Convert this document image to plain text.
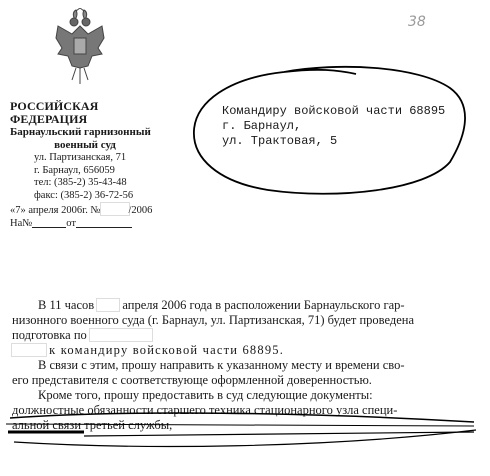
38
РОССИЙСКАЯ ФЕДЕРАЦИЯ
Барнаульский гарнизонный
военный суд
ул. Партизанская, 71
г. Барнаул, 656059
тел: (385-2) 35-43-48
факс: (385-2) 36-72-56
«7» апреля 2006г. №	/2006
На№	от
Командиру войсковой части 68895
г. Барнаул,
ул. Трактовая, 5

В 11 часов апреля 2006 года в расположении Барнаульского гар-

низонного военного суда (г. Барнаул, ул. Партизанская, 71) будет проведена

подготовка по

к командиру войсковой части 68895.

В связи с этим, прошу направить к указанному месту и времени сво-

его представителя с соответствующе оформленной доверенностью.

Кроме того, прошу предоставить в суд следующие документы:

должностные обязанности старшего техника стационарного узла специ-

альной связи третьей службы,
